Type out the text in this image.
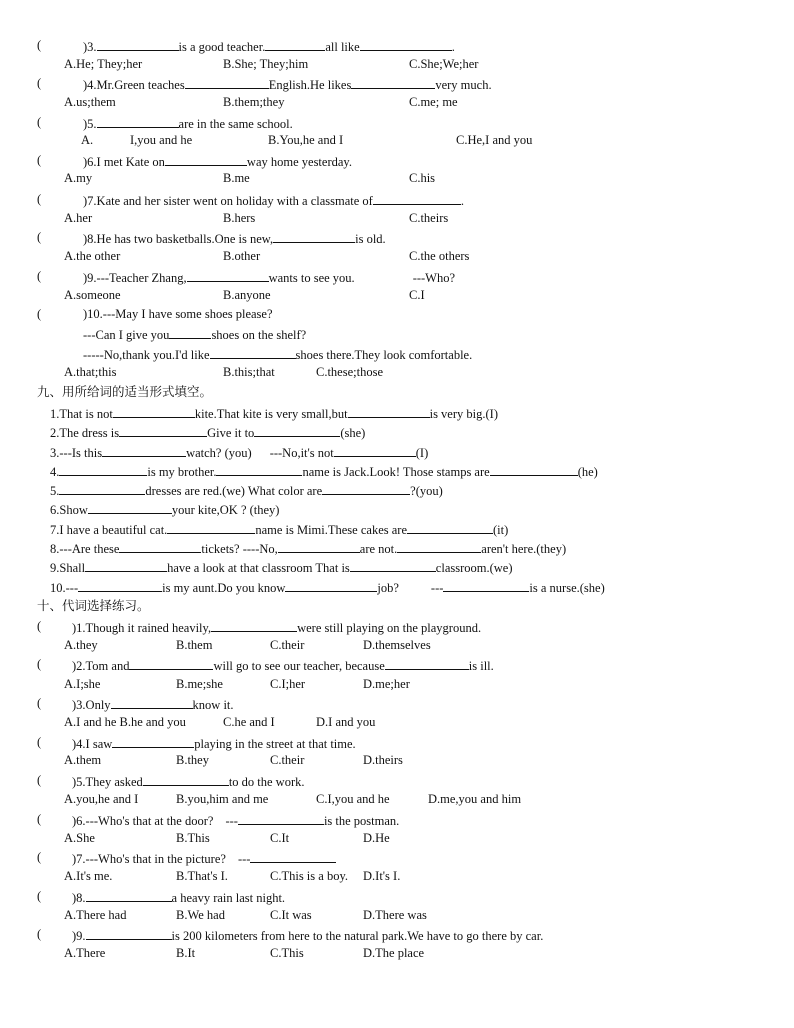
(	)3.	is a good teacher.	all like	.
A.He; They;her	B.She; They;him	C.She;We;her
(	)4.Mr.Green teaches	English.He likes	very much.
A.us;them	B.them;they	C.me; me
(	)5.	are in the same school.
A.	I,you and he	B.You,he and I	C.He,I and you
(	)6.I met Kate on	way home yesterday.
A.my	B.me	C.his
(	)7.Kate and her sister went on holiday with a classmate of	.
A.her	B.hers	C.theirs
(	)8.He has two basketballs.One is new,	is old.
A.the other	B.other	C.the others
(	)9.---Teacher Zhang,	wants to see you.	---Who?
A.someone	B.anyone	C.I
(	)10.---May I have some shoes please?
---Can I give you	shoes on the shelf?
-----No,thank you.I'd like	shoes there.They look comfortable.
A.that;this	B.this;that	C.these;those
九、用所给词的适当形式填空。
1.That is not	kite.That kite is very small,but	is very big.(I)
2.The dress is	Give it to	(she)
3.---Is this	watch? (you) ---No,it's not	(I)
4.	is my brother.	name is Jack.Look! Those stamps are	(he)
5.	dresses are red.(we) What color are	?(you)
6.Show	your kite,OK ? (they)
7.I have a beautiful cat.	name is Mimi.These cakes are	(it)
8.---Are these	tickets? ----No,	are not.	aren't here.(they)
9.Shall	have a look at that classroom That is	classroom.(we)
10.---	is my aunt.Do you know	job?	---	is a nurse.(she)
十、代词选择练习。
( )1.Though it rained heavily,	were still playing on the playground.
A.they	B.them	C.their	D.themselves
( )2.Tom and	will go to see our teacher, because	is ill.
A.I;she	B.me;she	C.I;her	D.me;her
( )3.Only	know it.
A.I and he B.he and you	C.he and I	D.I and you
( )4.I saw	playing in the street at that time.
A.them	B.they	C.their	D.theirs
( )5.They asked	to do the work.
A.you,he and I	B.you,him and me	C.I,you and he	D.me,you and him
( )6.---Who's that at the door? ---	is the postman.
A.She	B.This	C.It	D.He
( )7.---Who's that in the picture? ---
A.It's me.	B.That's I.	C.This is a boy. D.It's I.
( )8.	a heavy rain last night.
A.There had	B.We had	C.It was	D.There was
( )9.	is 200 kilometers from here to the natural park.We have to go there by car.
A.There	B.It	C.This	D.The place
